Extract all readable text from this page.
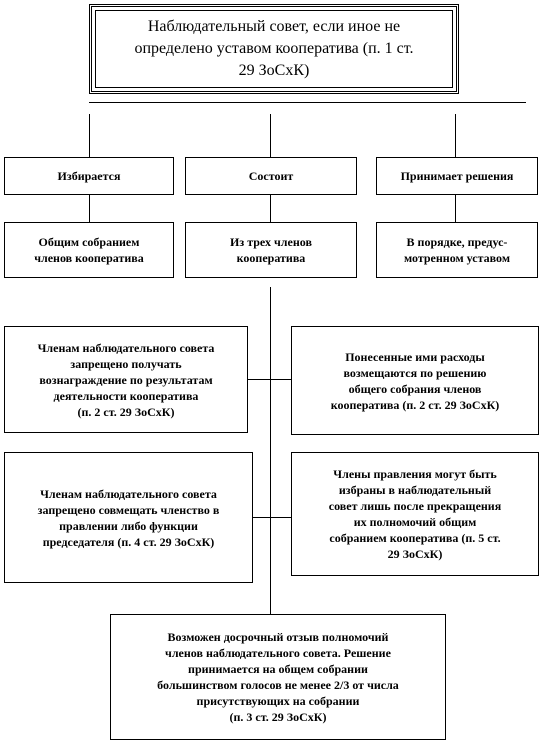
Наблюдательный совет, если иное не
определено уставом кооператива (п. 1 ст.
29 ЗоСхК)
Избирается	Состоит	Принимает решения
Общим собранием
членов кооператива
Из трех членов
кооператива
В порядке, предус-
мотренном уставом
Членам наблюдательного совета
запрещено получать
вознаграждение по результатам
деятельности кооператива
(п. 2 ст. 29 ЗоСхК)
Понесенные ими расходы
возмещаются по решению
общего собрания членов
кооператива (п. 2 ст. 29 ЗоСхК)
Членам наблюдательного совета
запрещено совмещать членство в
правлении либо функции
председателя (п. 4 ст. 29 ЗоСхК)
Члены правления могут быть
избраны в наблюдательный
совет лишь после прекращения
их полномочий общим
собранием кооператива (п. 5 ст.
29 ЗоСхК)
Возможен досрочный отзыв полномочий
членов наблюдательного совета. Решение
принимается на общем собрании
большинством голосов не менее 2/3 от числа
присутствующих на собрании
(п. 3 ст. 29 ЗоСхК)
